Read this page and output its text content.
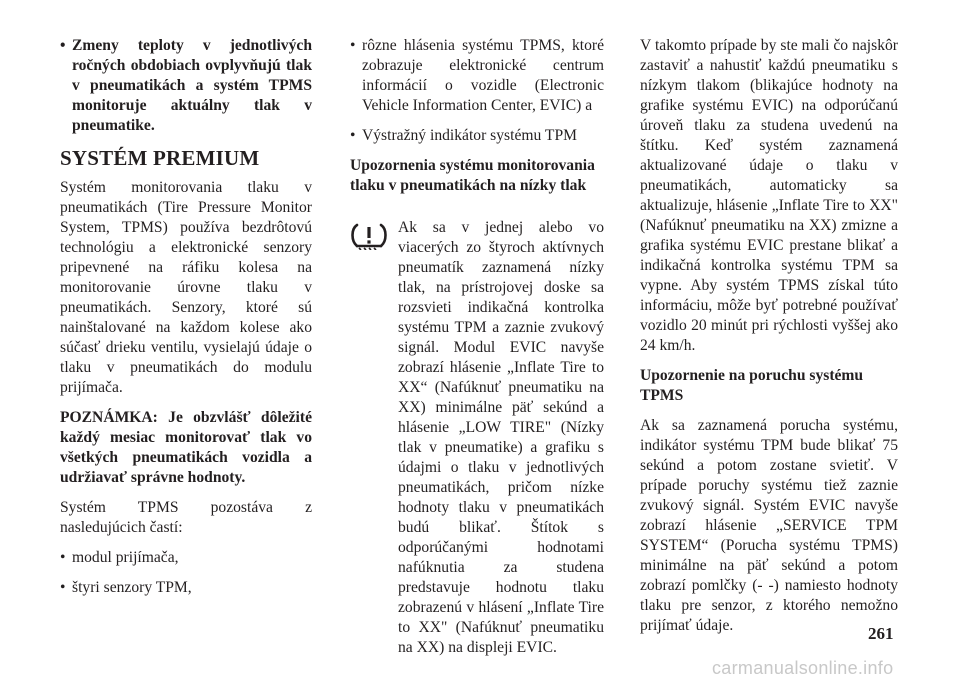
• Zmeny teploty v jednotlivých ročných obdobiach ovplyvňujú tlak v pneumatikách a systém TPMS monitoruje aktuálny tlak v pneumatike.

SYSTÉM PREMIUM

Systém monitorovania tlaku v pneumatikách (Tire Pressure Monitor System, TPMS) používa bezdrôtovú technológiu a elektronické senzory pripevnené na ráfiku kolesa na monitorovanie úrovne tlaku v pneumatikách. Senzory, ktoré sú nainštalované na každom kolese ako súčasť drieku ventilu, vysielajú údaje o tlaku v pneumatikách do modulu prijímača.

POZNÁMKA: Je obzvlášť dôležité každý mesiac monitorovať tlak vo všetkých pneumatikách vozidla a udržiavať správne hodnoty.

Systém TPMS pozostáva z nasledujúcich častí:

• modul prijímača,

• štyri senzory TPM,

• rôzne hlásenia systému TPMS, ktoré zobrazuje elektronické centrum informácií o vozidle (Electronic Vehicle Information Center, EVIC) a

• Výstražný indikátor systému TPM

Upozornenia systému monitorovania tlaku v pneumatikách na nízky tlak

Ak sa v jednej alebo vo viacerých zo štyroch aktívnych pneumatík zaznamená nízky tlak, na prístrojovej doske sa rozsvieti indikačná kontrolka systému TPM a zaznie zvukový signál. Modul EVIC navyše zobrazí hlásenie „Inflate Tire to XX“ (Nafúknuť pneumatiku na XX) minimálne päť sekúnd a hlásenie „LOW TIRE" (Nízky tlak v pneumatike) a grafiku s údajmi o tlaku v jednotlivých pneumatikách, pričom nízke hodnoty tlaku v pneumatikách budú blikať. Štítok s odporúčanými hodnotami nafúknutia za studena predstavuje hodnotu tlaku zobrazenú v hlásení „Inflate Tire to XX" (Nafúknuť pneumatiku na XX) na displeji EVIC.

V takomto prípade by ste mali čo najskôr zastaviť a nahustiť každú pneumatiku s nízkym tlakom (blikajúce hodnoty na grafike systému EVIC) na odporúčanú úroveň tlaku za studena uvedenú na štítku. Keď systém zaznamená aktualizované údaje o tlaku v pneumatikách, automaticky sa aktualizuje, hlásenie „Inflate Tire to XX" (Nafúknuť pneumatiku na XX) zmizne a grafika systému EVIC prestane blikať a indikačná kontrolka systému TPM sa vypne. Aby systém TPMS získal túto informáciu, môže byť potrebné používať vozidlo 20 minút pri rýchlosti vyššej ako 24 km/h.

Upozornenie na poruchu systému TPMS

Ak sa zaznamená porucha systému, indikátor systému TPM bude blikať 75 sekúnd a potom zostane svietiť. V prípade poruchy systému tiež zaznie zvukový signál. Systém EVIC navyše zobrazí hlásenie „SERVICE TPM SYSTEM“ (Porucha systému TPMS) minimálne na päť sekúnd a potom zobrazí pomlčky (- -) namiesto hodnoty tlaku pre senzor, z ktorého nemožno prijímať údaje.	261
carmanualsonline.info
